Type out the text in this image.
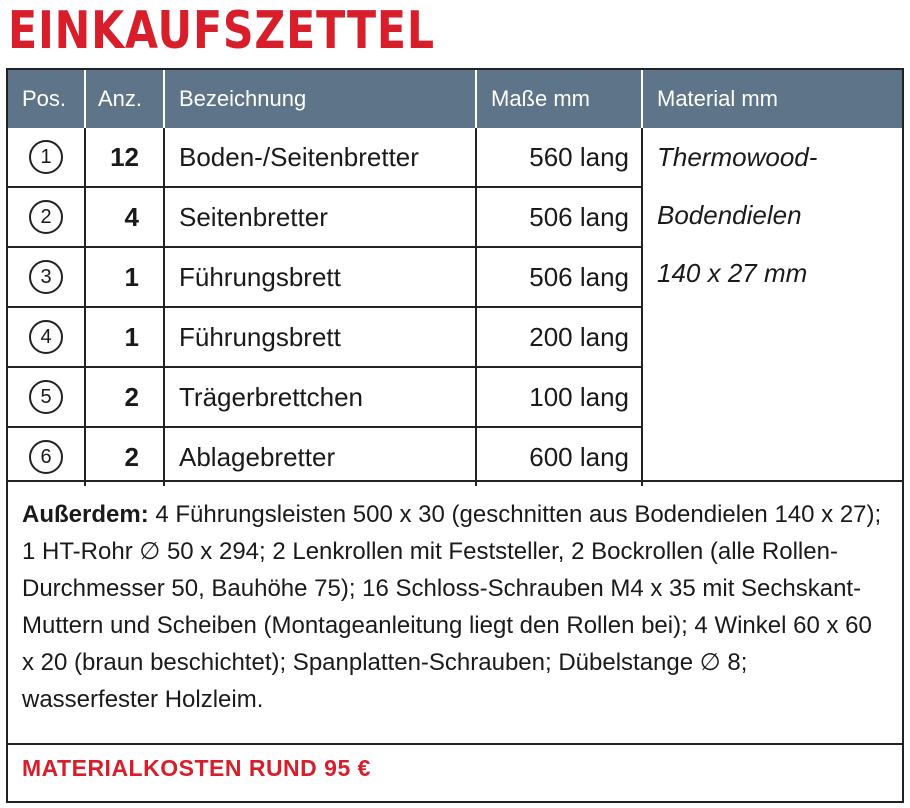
EINKAUFSZETTEL
Pos.	Anz.	Bezeichnung	Maße mm	Material mm
1	12	Boden-/Seitenbretter	560 lang	Thermowood-
Bodendielen
140 x 27 mm

2	4	Seitenbretter	506 lang	
3	1	Führungsbrett	506 lang	
4	1	Führungsbrett	200 lang	
5	2	Trägerbrettchen	100 lang	
6	2	Ablagebretter	600 lang	
Außerdem: 4 Führungsleisten 500 x 30 (geschnitten aus Bodendielen 140 x 27); 1 HT-Rohr ∅ 50 x 294; 2 Lenkrollen mit Feststeller, 2 Bockrollen (alle Rollen-Durchmesser 50, Bauhöhe 75); 16 Schloss-Schrauben M4 x 35 mit Sechskant-Muttern und Scheiben (Montageanleitung liegt den Rollen bei); 4 Winkel 60 x 60 x 20 (braun beschichtet); Spanplatten-Schrauben; Dübelstange ∅ 8; wasserfester Holzleim.
MATERIALKOSTEN RUND 95 €
